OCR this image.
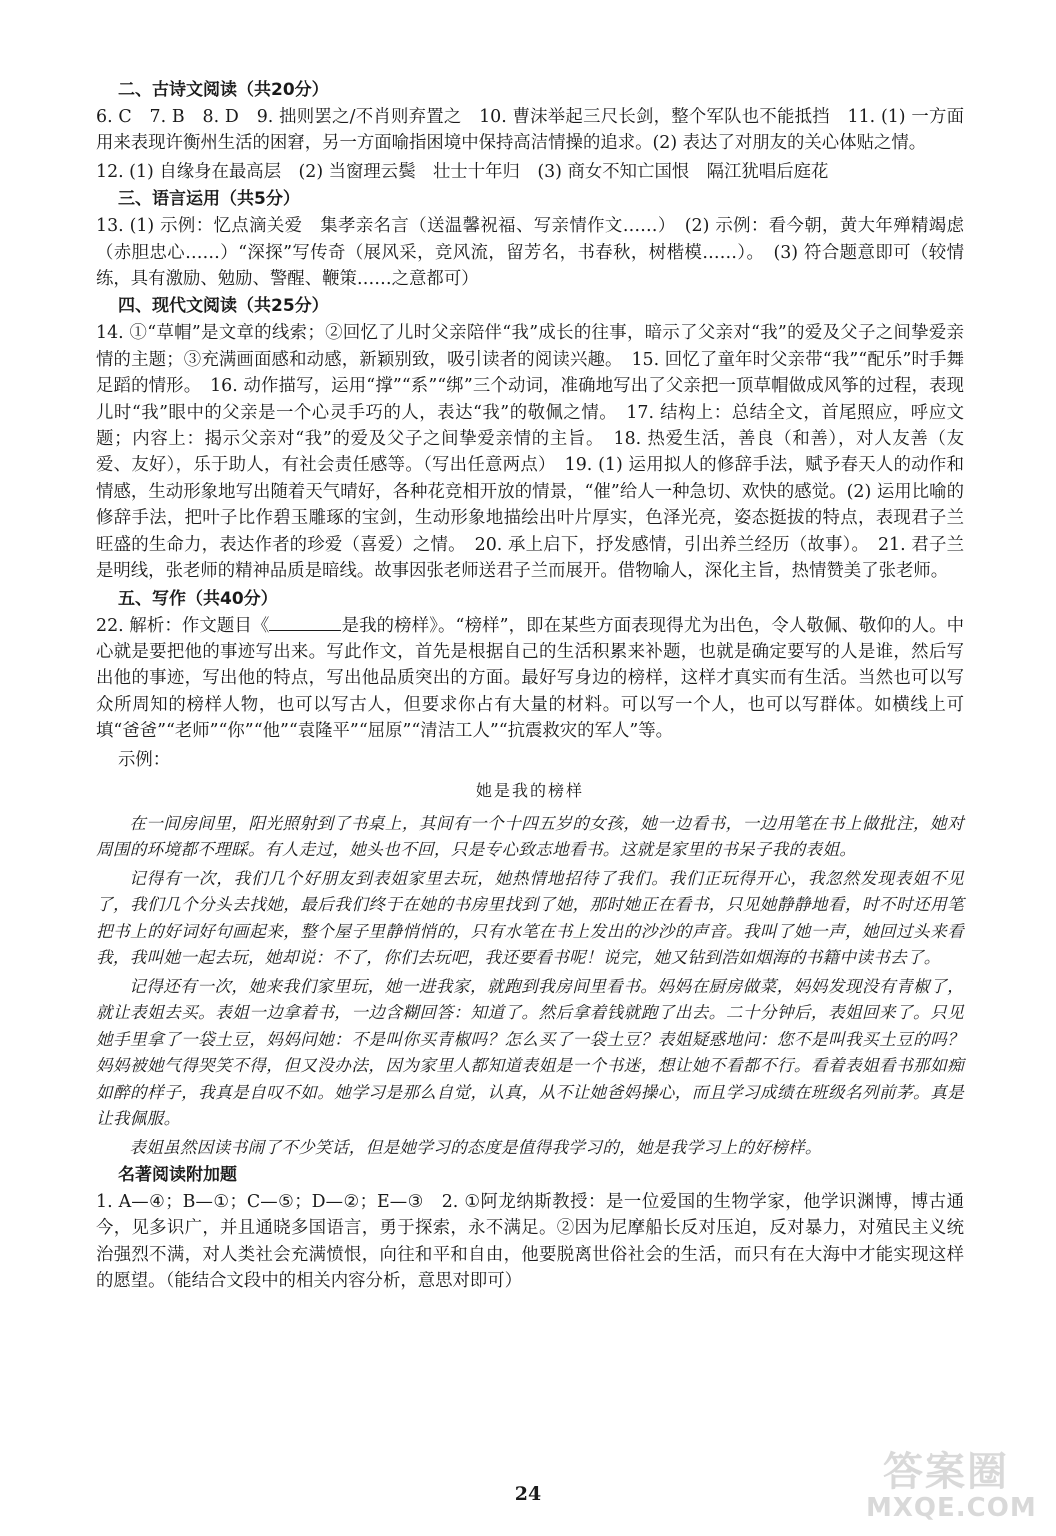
二、古诗文阅读（共20分）

6. C　7. B　8. D　9. 拙则罢之/不肖则弃置之　10. 曹沫举起三尺长剑，整个军队也不能抵挡　11. (1) 一方面用来表现许衡州生活的困窘，另一方面喻指困境中保持高洁情操的追求。(2) 表达了对朋友的关心体贴之情。

12. (1) 自缘身在最高层　(2) 当窗理云鬓　壮士十年归　(3) 商女不知亡国恨　隔江犹唱后庭花

三、语言运用（共5分）

13. (1) 示例：忆点滴关爱　集孝亲名言（送温馨祝福、写亲情作文……）　(2) 示例：看今朝，黄大年殚精竭虑（赤胆忠心……）“深探”写传奇（展风采，竞风流，留芳名，书春秋，树楷模……）。　(3) 符合题意即可（较情练，具有激励、勉励、警醒、鞭策……之意都可）

四、现代文阅读（共25分）

14. ①“草帽”是文章的线索；②回忆了儿时父亲陪伴“我”成长的往事，暗示了父亲对“我”的爱及父子之间挚爱亲情的主题；③充满画面感和动感，新颖别致，吸引读者的阅读兴趣。　15. 回忆了童年时父亲带“我”“配乐”时手舞足蹈的情形。　16. 动作描写，运用“撑”“系”“绑”三个动词，准确地写出了父亲把一顶草帽做成风筝的过程，表现儿时“我”眼中的父亲是一个心灵手巧的人，表达“我”的敬佩之情。　17. 结构上：总结全文，首尾照应，呼应文题；内容上：揭示父亲对“我”的爱及父子之间挚爱亲情的主旨。　18. 热爱生活，善良（和善），对人友善（友爱、友好），乐于助人，有社会责任感等。（写出任意两点）　19. (1) 运用拟人的修辞手法，赋予春天人的动作和情感，生动形象地写出随着天气晴好，各种花竞相开放的情景，“催”给人一种急切、欢快的感觉。(2) 运用比喻的修辞手法，把叶子比作碧玉雕琢的宝剑，生动形象地描绘出叶片厚实，色泽光亮，姿态挺拔的特点，表现君子兰旺盛的生命力，表达作者的珍爱（喜爱）之情。　20. 承上启下，抒发感情，引出养兰经历（故事）。　21. 君子兰是明线，张老师的精神品质是暗线。故事因张老师送君子兰而展开。借物喻人，深化主旨，热情赞美了张老师。

五、写作（共40分）

22. 解析：作文题目《	是我的榜样》。“榜样”，即在某些方面表现得尤为出色，令人敬佩、敬仰的人。中心就是要把他的事迹写出来。写此作文，首先是根据自己的生活积累来补题，也就是确定要写的人是谁，然后写出他的事迹，写出他的特点，写出他品质突出的方面。最好写身边的榜样，这样才真实而有生活。当然也可以写众所周知的榜样人物，也可以写古人，但要求你占有大量的材料。可以写一个人，也可以写群体。如横线上可填“爸爸”“老师”“你”“他”“袁隆平”“屈原”“清洁工人”“抗震救灾的军人”等。

示例：
她是我的榜样

在一间房间里，阳光照射到了书桌上，其间有一个十四五岁的女孩，她一边看书，一边用笔在书上做批注，她对周围的环境都不理睬。有人走过，她头也不回，只是专心致志地看书。这就是家里的书呆子我的表姐。

记得有一次，我们几个好朋友到表姐家里去玩，她热情地招待了我们。我们正玩得开心，我忽然发现表姐不见了，我们几个分头去找她，最后我们终于在她的书房里找到了她，那时她正在看书，只见她静静地看，时不时还用笔把书上的好词好句画起来，整个屋子里静悄悄的，只有水笔在书上发出的沙沙的声音。我叫了她一声，她回过头来看我，我叫她一起去玩，她却说：不了，你们去玩吧，我还要看书呢！说完，她又钻到浩如烟海的书籍中读书去了。

记得还有一次，她来我们家里玩，她一进我家，就跑到我房间里看书。妈妈在厨房做菜，妈妈发现没有青椒了，就让表姐去买。表姐一边拿着书，一边含糊回答：知道了。然后拿着钱就跑了出去。二十分钟后，表姐回来了。只见她手里拿了一袋土豆，妈妈问她：不是叫你买青椒吗？怎么买了一袋土豆？表姐疑惑地问：您不是叫我买土豆的吗？妈妈被她气得哭笑不得，但又没办法，因为家里人都知道表姐是一个书迷，想让她不看都不行。看着表姐看书那如痴如醉的样子，我真是自叹不如。她学习是那么自觉，认真，从不让她爸妈操心，而且学习成绩在班级名列前茅。真是让我佩服。

表姐虽然因读书闹了不少笑话，但是她学习的态度是值得我学习的，她是我学习上的好榜样。

名著阅读附加题

1. A—④；B—①；C—⑤；D—②；E—③　2. ①阿龙纳斯教授：是一位爱国的生物学家，他学识渊博，博古通今，见多识广，并且通晓多国语言，勇于探索，永不满足。②因为尼摩船长反对压迫，反对暴力，对殖民主义统治强烈不满，对人类社会充满愤恨，向往和平和自由，他要脱离世俗社会的生活，而只有在大海中才能实现这样的愿望。（能结合文段中的相关内容分析，意思对即可）

24	答案圈
MXQE.COM
